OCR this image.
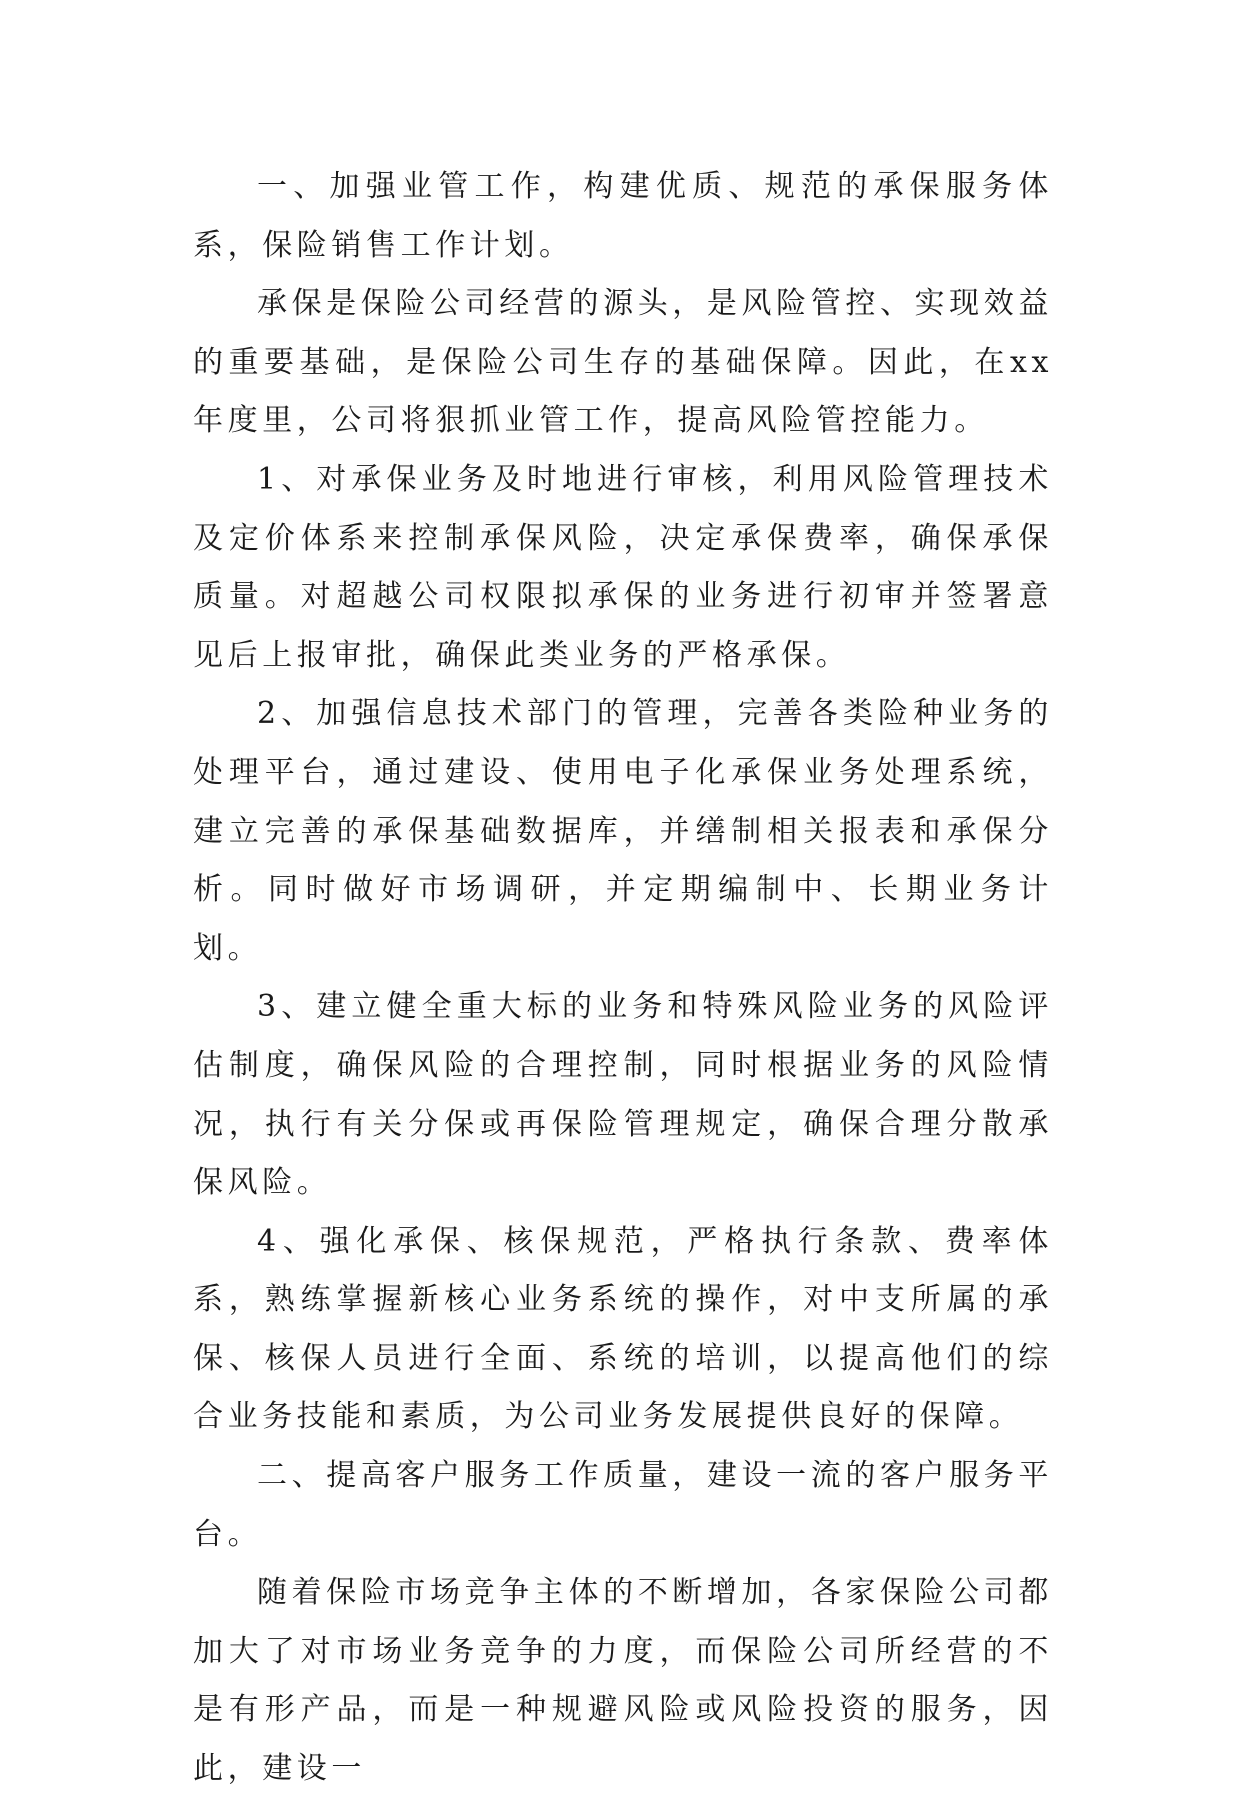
一、加强业管工作，构建优质、规范的承保服务体系，保险销售工作计划。

承保是保险公司经营的源头，是风险管控、实现效益的重要基础，是保险公司生存的基础保障。因此，在xx年度里，公司将狠抓业管工作，提高风险管控能力。

1、对承保业务及时地进行审核，利用风险管理技术及定价体系来控制承保风险，决定承保费率，确保承保质量。对超越公司权限拟承保的业务进行初审并签署意见后上报审批，确保此类业务的严格承保。

2、加强信息技术部门的管理，完善各类险种业务的处理平台，通过建设、使用电子化承保业务处理系统，建立完善的承保基础数据库，并缮制相关报表和承保分析。同时做好市场调研，并定期编制中、长期业务计划。

3、建立健全重大标的业务和特殊风险业务的风险评估制度，确保风险的合理控制，同时根据业务的风险情况，执行有关分保或再保险管理规定，确保合理分散承保风险。

4、强化承保、核保规范，严格执行条款、费率体系，熟练掌握新核心业务系统的操作，对中支所属的承保、核保人员进行全面、系统的培训，以提高他们的综合业务技能和素质，为公司业务发展提供良好的保障。

二、提高客户服务工作质量，建设一流的客户服务平台。

随着保险市场竞争主体的不断增加，各家保险公司都加大了对市场业务竞争的力度，而保险公司所经营的不是有形产品，而是一种规避风险或风险投资的服务，因此，建设一
